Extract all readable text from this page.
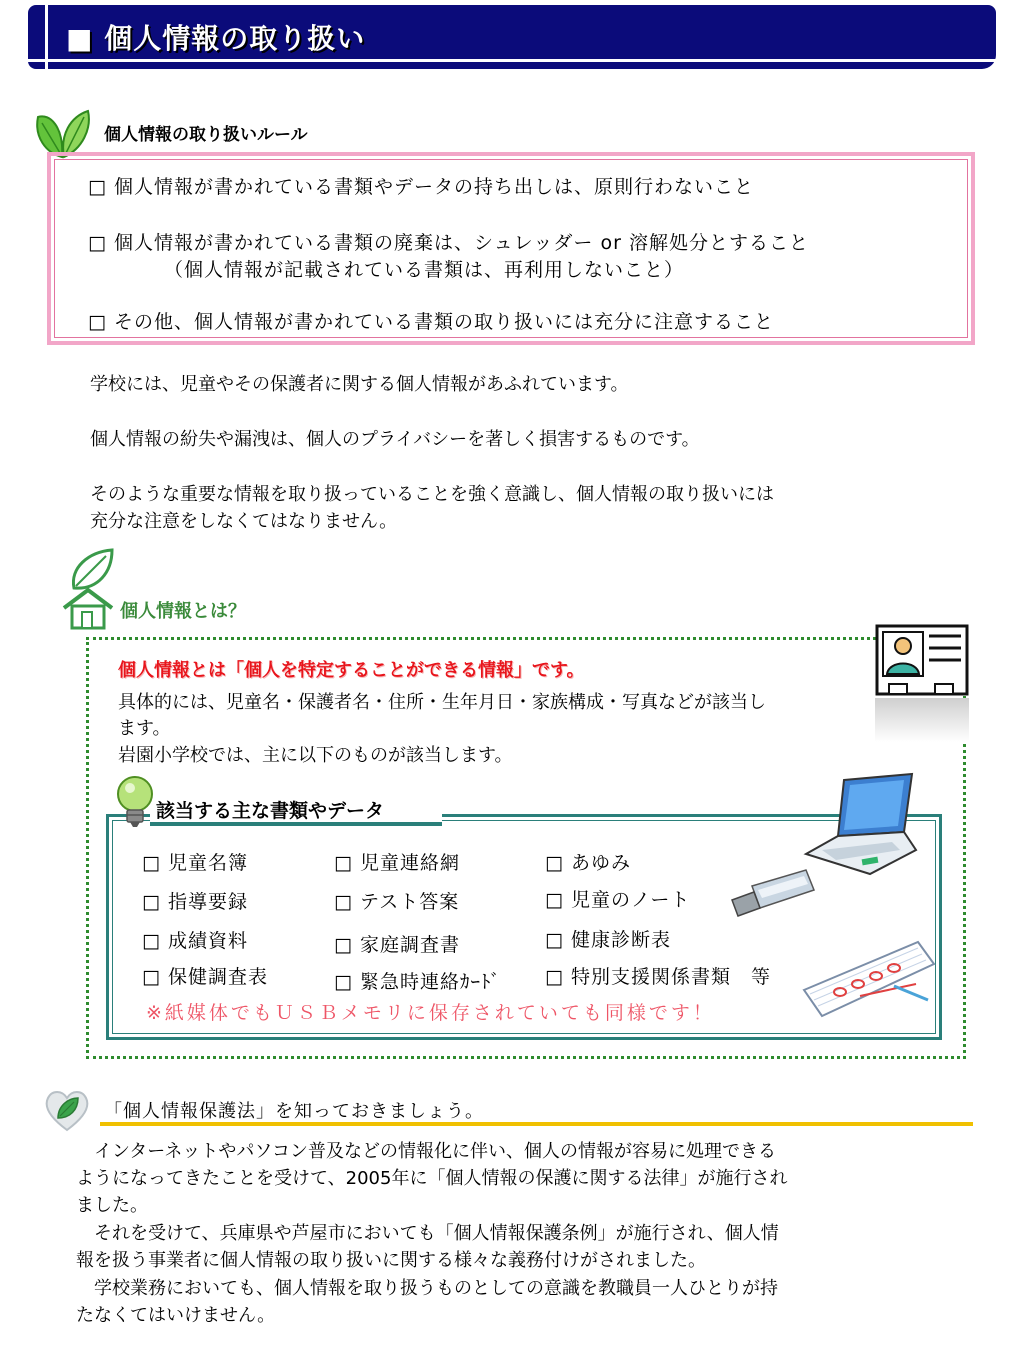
■ 個人情報の取り扱い
個人情報の取り扱いルール
□ 個人情報が書かれている書類やデータの持ち出しは、原則行わないこと
□ 個人情報が書かれている書類の廃棄は、シュレッダー or 溶解処分とすること
（個人情報が記載されている書類は、再利用しないこと）
□ その他、個人情報が書かれている書類の取り扱いには充分に注意すること
学校には、児童やその保護者に関する個人情報があふれています。
個人情報の紛失や漏洩は、個人のプライバシーを著しく損害するものです。
そのような重要な情報を取り扱っていることを強く意識し、個人情報の取り扱いには
充分な注意をしなくてはなりません。
個人情報とは？
個人情報とは「個人を特定することができる情報」です。
具体的には、児童名・保護者名・住所・生年月日・家族構成・写真などが該当し
ます。
岩園小学校では、主に以下のものが該当します。
該当する主な書類やデータ
□ 児童名簿	□ 児童連絡網	□ あゆみ
□ 指導要録	□ テスト答案	□ 児童のノート
□ 成績資料	□ 家庭調査書	□ 健康診断表
□ 保健調査表	□ 緊急時連絡ｶｰﾄﾞ □ 特別支援関係書類　等
※紙媒体でもＵＳＢメモリに保存されていても同様です！
「個人情報保護法」を知っておきましょう。
　インターネットやパソコン普及などの情報化に伴い、個人の情報が容易に処理できる
ようになってきたことを受けて、2005年に「個人情報の保護に関する法律」が施行され
ました。
　それを受けて、兵庫県や芦屋市においても「個人情報保護条例」が施行され、個人情
報を扱う事業者に個人情報の取り扱いに関する様々な義務付けがされました。
　学校業務においても、個人情報を取り扱うものとしての意識を教職員一人ひとりが持
たなくてはいけません。
